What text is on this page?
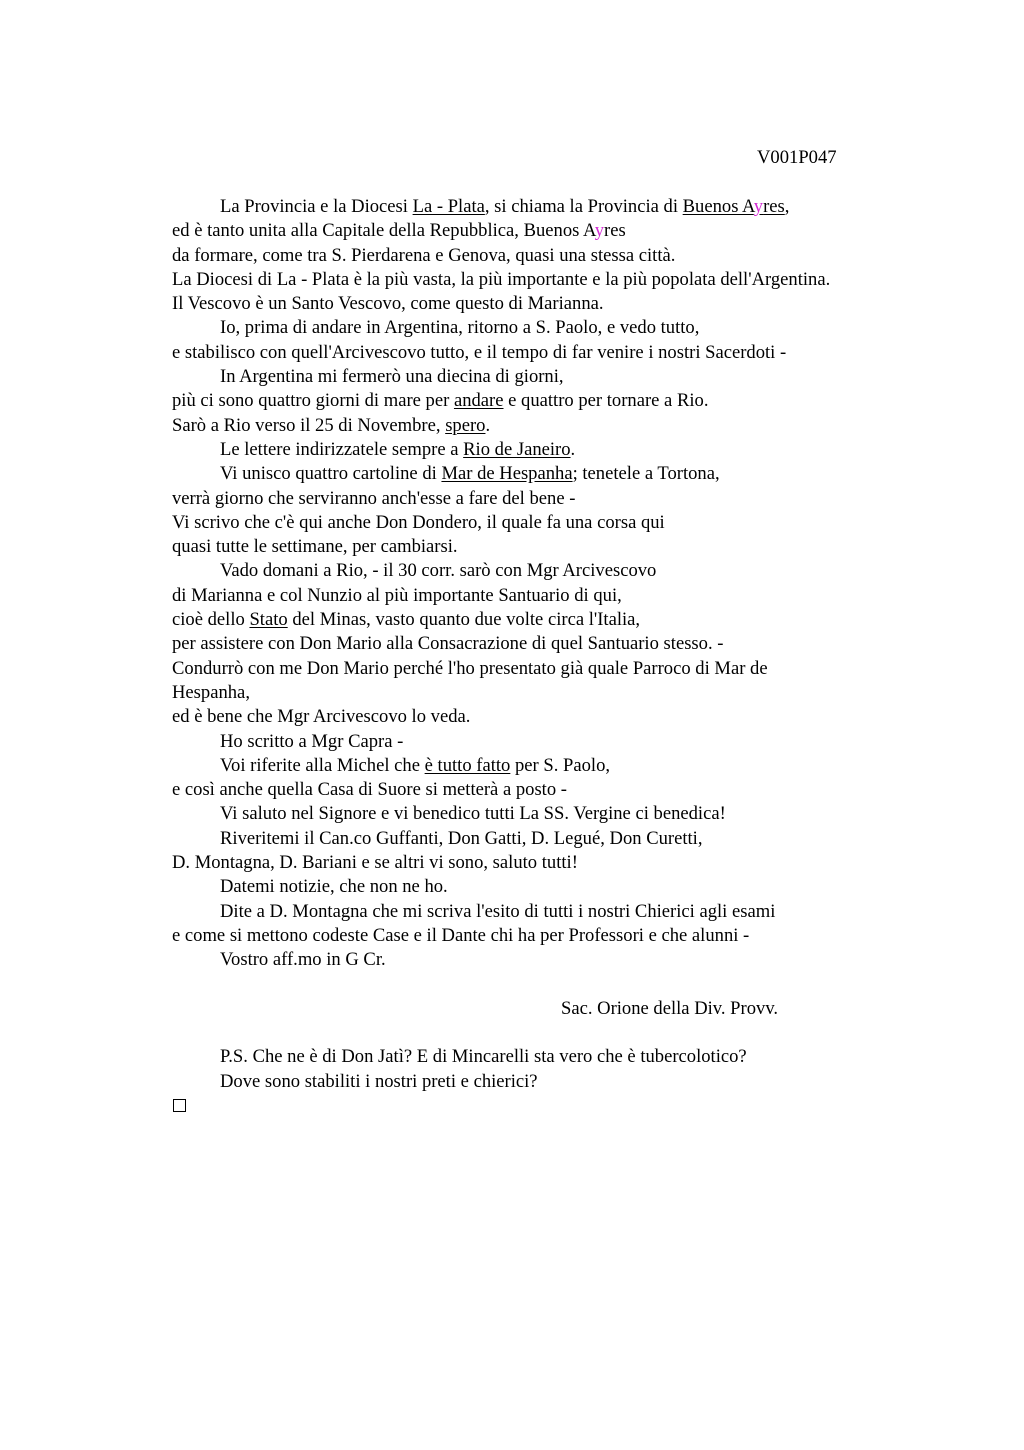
V001P047
La Provincia e la Diocesi La - Plata, si chiama la Provincia di Buenos Ayres,
ed è tanto unita alla Capitale della Repubblica, Buenos Ayres
da formare, come tra S. Pierdarena e Genova, quasi una stessa città.
La Diocesi di La - Plata è la più vasta, la più importante e la più popolata dell'Argentina.
Il Vescovo è un Santo Vescovo, come questo di Marianna.
Io, prima di andare in Argentina, ritorno a S. Paolo, e vedo tutto,
e stabilisco con quell'Arcivescovo tutto, e il tempo di far venire i nostri Sacerdoti -
In Argentina mi fermerò una diecina di giorni,
più ci sono quattro giorni di mare per andare e quattro per tornare a Rio.
Sarò a Rio verso il 25 di Novembre, spero.
Le lettere indirizzatele sempre a Rio de Janeiro.
Vi unisco quattro cartoline di Mar de Hespanha; tenetele a Tortona,
verrà giorno che serviranno anch'esse a fare del bene -
Vi scrivo che c'è qui anche Don Dondero, il quale fa una corsa qui
quasi tutte le settimane, per cambiarsi.
Vado domani a Rio, - il 30 corr. sarò con Mgr Arcivescovo
di Marianna e col Nunzio al più importante Santuario di qui,
cioè dello Stato del Minas, vasto quanto due volte circa l'Italia,
per assistere con Don Mario alla Consacrazione di quel Santuario stesso. -
Condurrò con me Don Mario perché l'ho presentato già quale Parroco di Mar de
Hespanha,
ed è bene che Mgr Arcivescovo lo veda.
Ho scritto a Mgr Capra -
Voi riferite alla Michel che è tutto fatto per S. Paolo,
e così anche quella Casa di Suore si metterà a posto -
Vi saluto nel Signore e vi benedico tutti La SS. Vergine ci benedica!
Riveritemi il Can.co Guffanti, Don Gatti, D. Legué, Don Curetti,
D. Montagna, D. Bariani e se altri vi sono, saluto tutti!
Datemi notizie, che non ne ho.
Dite a D. Montagna che mi scriva l'esito di tutti i nostri Chierici agli esami
e come si mettono codeste Case e il Dante chi ha per Professori e che alunni -
Vostro aff.mo in G Cr.
Sac. Orione della Div. Provv.
P.S. Che ne è di Don Jatì? E di Mincarelli sta vero che è tubercolotico?
Dove sono stabiliti i nostri preti e chierici?
